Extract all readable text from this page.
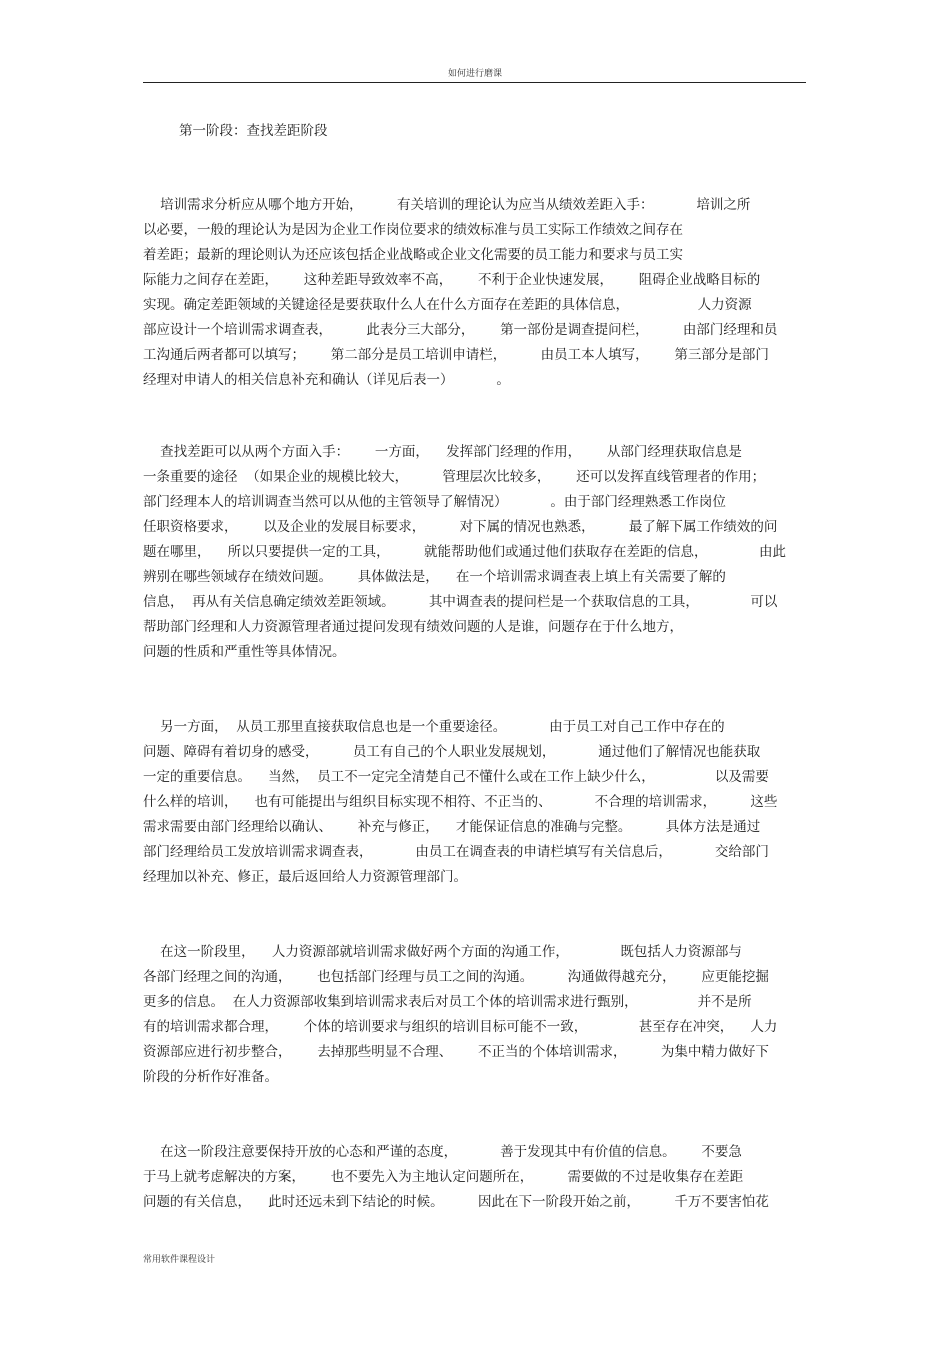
如何进行磨课
第一阶段：查找差距阶段
培训需求分析应从哪个地方开始，        有关培训的理论认为应当从绩效差距入手：          培训之所
以必要，一般的理论认为是因为企业工作岗位要求的绩效标准与员工实际工作绩效之间存在
着差距；最新的理论则认为还应该包括企业战略或企业文化需要的员工能力和要求与员工实
际能力之间存在差距，      这种差距导致效率不高，      不利于企业快速发展，      阻碍企业战略目标的
实现。确定差距领域的关键途径是要获取什么人在什么方面存在差距的具体信息，                人力资源
部应设计一个培训需求调查表，        此表分三大部分，      第一部份是调查提问栏，        由部门经理和员
工沟通后两者都可以填写；      第二部分是员工培训申请栏，        由员工本人填写，      第三部分是部门
经理对申请人的相关信息补充和确认（详见后表一）          。
查找差距可以从两个方面入手：      一方面，    发挥部门经理的作用，      从部门经理获取信息是
一条重要的途径  （如果企业的规模比较大，        管理层次比较多，      还可以发挥直线管理者的作用；
部门经理本人的培训调查当然可以从他的主管领导了解情况）          。由于部门经理熟悉工作岗位
任职资格要求，      以及企业的发展目标要求，        对下属的情况也熟悉，        最了解下属工作绩效的问
题在哪里，    所以只要提供一定的工具，        就能帮助他们或通过他们获取存在差距的信息，            由此
辨别在哪些领域存在绩效问题。      具体做法是，    在一个培训需求调查表上填上有关需要了解的
信息，  再从有关信息确定绩效差距领域。        其中调查表的提问栏是一个获取信息的工具，            可以
帮助部门经理和人力资源管理者通过提问发现有绩效问题的人是谁，问题存在于什么地方，
问题的性质和严重性等具体情况。
另一方面，  从员工那里直接获取信息也是一个重要途径。          由于员工对自己工作中存在的
问题、障碍有着切身的感受，        员工有自己的个人职业发展规划，          通过他们了解情况也能获取
一定的重要信息。    当然，  员工不一定完全清楚自己不懂什么或在工作上缺少什么，              以及需要
什么样的培训，    也有可能提出与组织目标实现不相符、不正当的、          不合理的培训需求，        这些
需求需要由部门经理给以确认、      补充与修正，    才能保证信息的准确与完整。        具体方法是通过
部门经理给员工发放培训需求调查表，          由员工在调查表的申请栏填写有关信息后，          交给部门
经理加以补充、修正，最后返回给人力资源管理部门。
在这一阶段里，    人力资源部就培训需求做好两个方面的沟通工作，            既包括人力资源部与
各部门经理之间的沟通，      也包括部门经理与员工之间的沟通。        沟通做得越充分，      应更能挖掘
更多的信息。  在人力资源部收集到培训需求表后对员工个体的培训需求进行甄别，              并不是所
有的培训需求都合理，      个体的培训要求与组织的培训目标可能不一致，            甚至存在冲突，    人力
资源部应进行初步整合，      去掉那些明显不合理、      不正当的个体培训需求，        为集中精力做好下
阶段的分析作好准备。
在这一阶段注意要保持开放的心态和严谨的态度，          善于发现其中有价值的信息。      不要急
于马上就考虑解决的方案，      也不要先入为主地认定问题所在，        需要做的不过是收集存在差距
问题的有关信息，    此时还远未到下结论的时候。        因此在下一阶段开始之前，        千万不要害怕花
常用软件课程设计
